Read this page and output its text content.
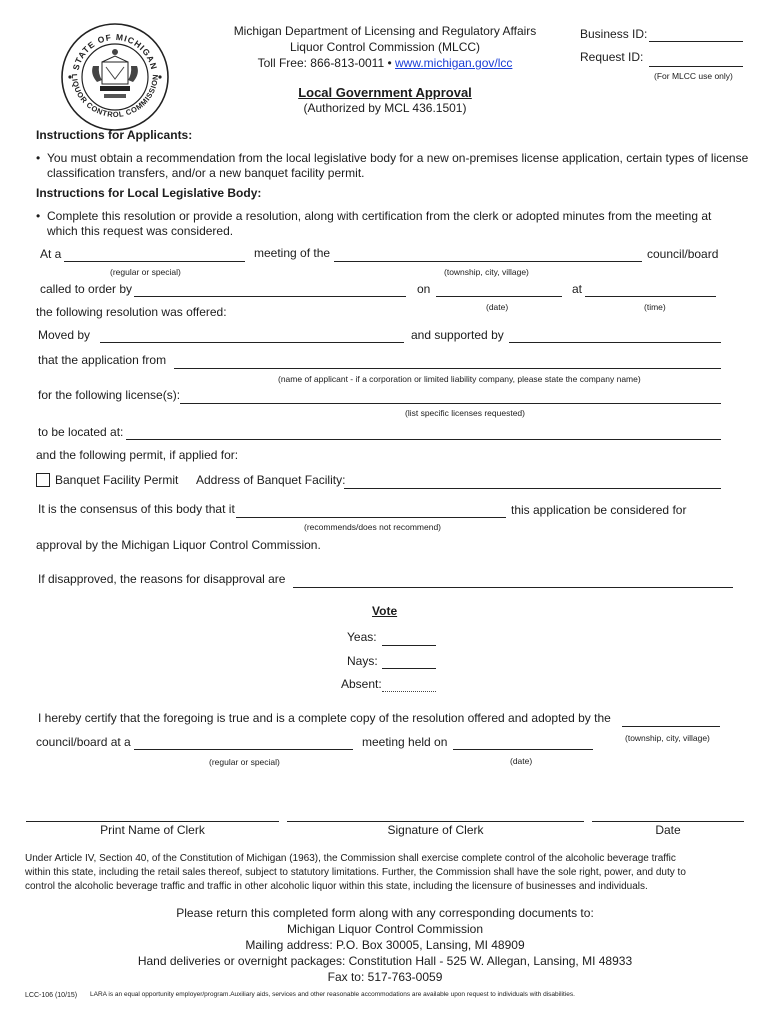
STATE OF MICHIGAN
LIQUOR CONTROL COMMISSION
Michigan Department of Licensing and Regulatory Affairs
Liquor Control Commission (MLCC)
Toll Free: 866-813-0011 • www.michigan.gov/lcc
Business ID:
Request ID:
(For MLCC use only)
Local Government Approval
(Authorized by MCL 436.1501)
Instructions for Applicants:
• You must obtain a recommendation from the local legislative body for a new on-premises license application, certain types of license
classification transfers, and/or a new banquet facility permit.
Instructions for Local Legislative Body:
• Complete this resolution or provide a resolution, along with certification from the clerk or adopted minutes from the meeting at
which this request was considered.
At a	meeting of the	council/board
(regular or special)	(township, city, village)
called to order by	on	at
(date)	(time)
the following resolution was offered:
Moved by	and supported by
that the application from
(name of applicant - if a corporation or limited liability company, please state the company name)
for the following license(s):
(list specific licenses requested)
to be located at:
and the following permit, if applied for:
Banquet Facility Permit Address of Banquet Facility:
It is the consensus of this body that it	this application be considered for
(recommends/does not recommend)
approval by the Michigan Liquor Control Commission.
If disapproved, the reasons for disapproval are
Vote
Yeas:
Nays:
Absent:
I hereby certify that the foregoing is true and is a complete copy of the resolution offered and adopted by the
(township, city, village)
council/board at a	meeting held on
(regular or special)	(date)
Print Name of Clerk	Signature of Clerk	Date
Under Article IV, Section 40, of the Constitution of Michigan (1963), the Commission shall exercise complete control of the alcoholic beverage traffic
within this state, including the retail sales thereof, subject to statutory limitations. Further, the Commission shall have the sole right, power, and duty to
control the alcoholic beverage traffic and traffic in other alcoholic liquor within this state, including the licensure of businesses and individuals.
Please return this completed form along with any corresponding documents to:
Michigan Liquor Control Commission
Mailing address: P.O. Box 30005, Lansing, MI 48909
Hand deliveries or overnight packages: Constitution Hall - 525 W. Allegan, Lansing, MI 48933
Fax to: 517-763-0059
LCC-106 (10/15) LARA is an equal opportunity employer/program.Auxiliary aids, services and other reasonable accommodations are available upon request to individuals with disabilities.
